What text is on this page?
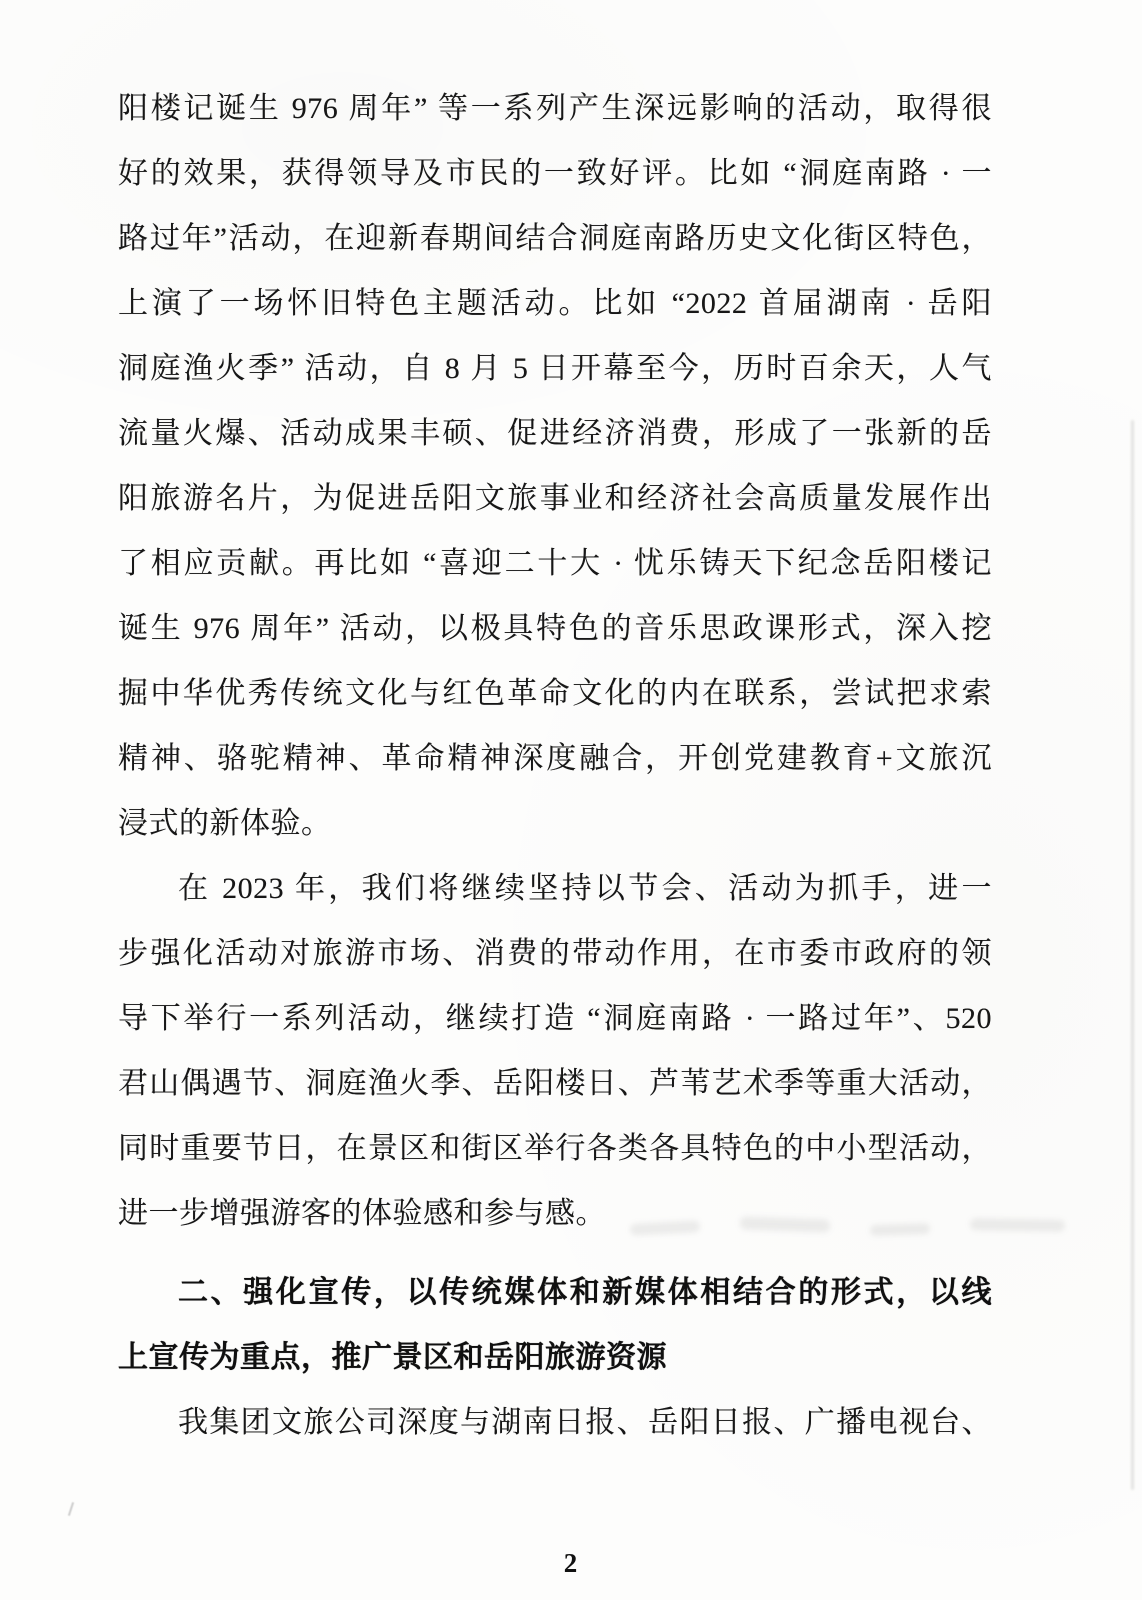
阳楼记诞生 976 周年” 等一系列产生深远影响的活动，取得很
好的效果，获得领导及市民的一致好评。比如 “洞庭南路 · 一
路过年”活动，在迎新春期间结合洞庭南路历史文化街区特色，
上演了一场怀旧特色主题活动。比如 “2022 首届湖南 · 岳阳
洞庭渔火季” 活动，自 8 月 5 日开幕至今，历时百余天，人气
流量火爆、活动成果丰硕、促进经济消费，形成了一张新的岳
阳旅游名片，为促进岳阳文旅事业和经济社会高质量发展作出
了相应贡献。再比如 “喜迎二十大 · 忧乐铸天下纪念岳阳楼记
诞生 976 周年” 活动，以极具特色的音乐思政课形式，深入挖
掘中华优秀传统文化与红色革命文化的内在联系，尝试把求索
精神、骆驼精神、革命精神深度融合，开创党建教育+文旅沉
浸式的新体验。
在 2023 年，我们将继续坚持以节会、活动为抓手，进一
步强化活动对旅游市场、消费的带动作用，在市委市政府的领
导下举行一系列活动，继续打造 “洞庭南路 · 一路过年”、520
君山偶遇节、洞庭渔火季、岳阳楼日、芦苇艺术季等重大活动，
同时重要节日，在景区和街区举行各类各具特色的中小型活动，
进一步增强游客的体验感和参与感。
二、强化宣传，以传统媒体和新媒体相结合的形式，以线
上宣传为重点，推广景区和岳阳旅游资源
我集团文旅公司深度与湖南日报、岳阳日报、广播电视台、
2
